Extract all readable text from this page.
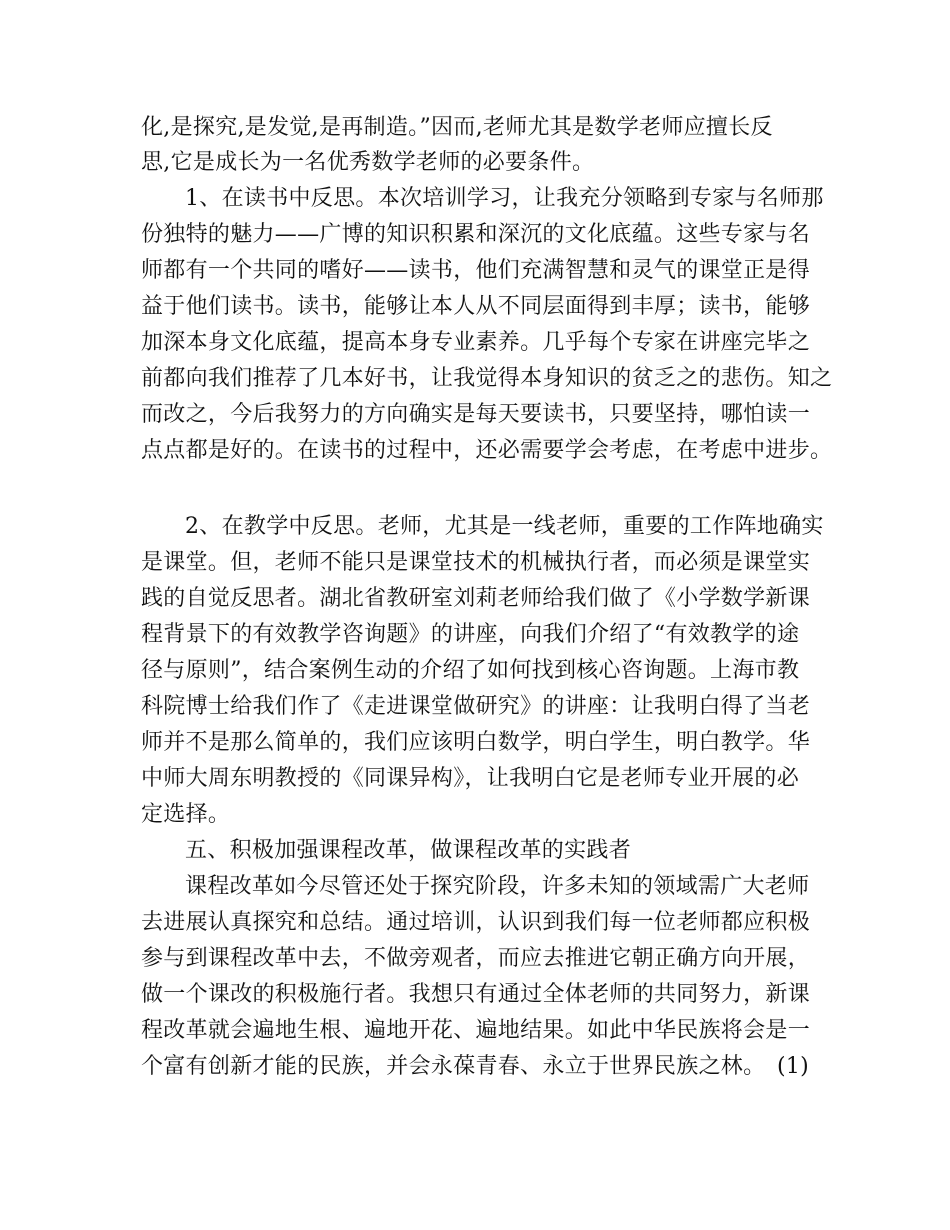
化,是探究,是发觉,是再制造。”因而,老师尤其是数学老师应擅长反
思,它是成长为一名优秀数学老师的必要条件。
1、在读书中反思。本次培训学习，让我充分领略到专家与名师那
份独特的魅力——广博的知识积累和深沉的文化底蕴。这些专家与名
师都有一个共同的嗜好——读书，他们充满智慧和灵气的课堂正是得
益于他们读书。读书，能够让本人从不同层面得到丰厚；读书，能够
加深本身文化底蕴，提高本身专业素养。几乎每个专家在讲座完毕之
前都向我们推荐了几本好书，让我觉得本身知识的贫乏之的悲伤。知之
而改之，今后我努力的方向确实是每天要读书，只要坚持，哪怕读一
点点都是好的。在读书的过程中，还必需要学会考虑，在考虑中进步。
2、在教学中反思。老师，尤其是一线老师，重要的工作阵地确实
是课堂。但，老师不能只是课堂技术的机械执行者，而必须是课堂实
践的自觉反思者。湖北省教研室刘莉老师给我们做了《小学数学新课
程背景下的有效教学咨询题》的讲座，向我们介绍了“有效教学的途
径与原则”，结合案例生动的介绍了如何找到核心咨询题。上海市教
科院博士给我们作了《走进课堂做研究》的讲座：让我明白得了当老
师并不是那么简单的，我们应该明白数学，明白学生，明白教学。华
中师大周东明教授的《同课异构》，让我明白它是老师专业开展的必
定选择。
五、积极加强课程改革，做课程改革的实践者
课程改革如今尽管还处于探究阶段，许多未知的领域需广大老师
去进展认真探究和总结。通过培训，认识到我们每一位老师都应积极
参与到课程改革中去，不做旁观者，而应去推进它朝正确方向开展，
做一个课改的积极施行者。我想只有通过全体老师的共同努力，新课
程改革就会遍地生根、遍地开花、遍地结果。如此中华民族将会是一
个富有创新才能的民族，并会永葆青春、永立于世界民族之林。 (1)
